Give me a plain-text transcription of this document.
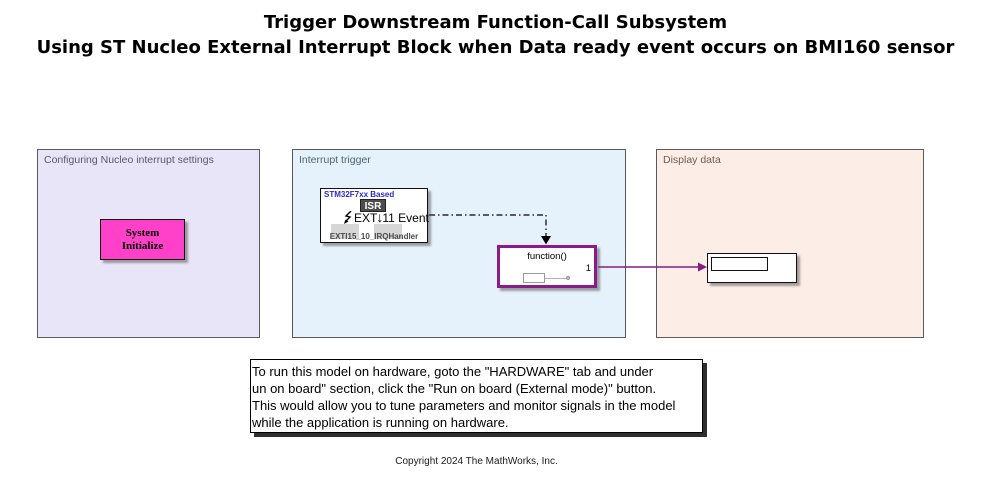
Trigger Downstream Function-Call Subsystem
Using ST Nucleo External Interrupt Block when Data ready event occurs on BMI160 sensor
Configuring Nucleo interrupt settings	Interrupt trigger	Display data
System
Initialize
STM32F7xx Based
ISR
EXT ↓ 11 Event
EXTI15_10_IRQHandler
function()
1
To run this model on hardware, goto the "HARDWARE" tab and under
un on board" section, click the "Run on board (External mode)" button.
This would allow you to tune parameters and monitor signals in the model
while the application is running on hardware.
Copyright 2024 The MathWorks, Inc.
